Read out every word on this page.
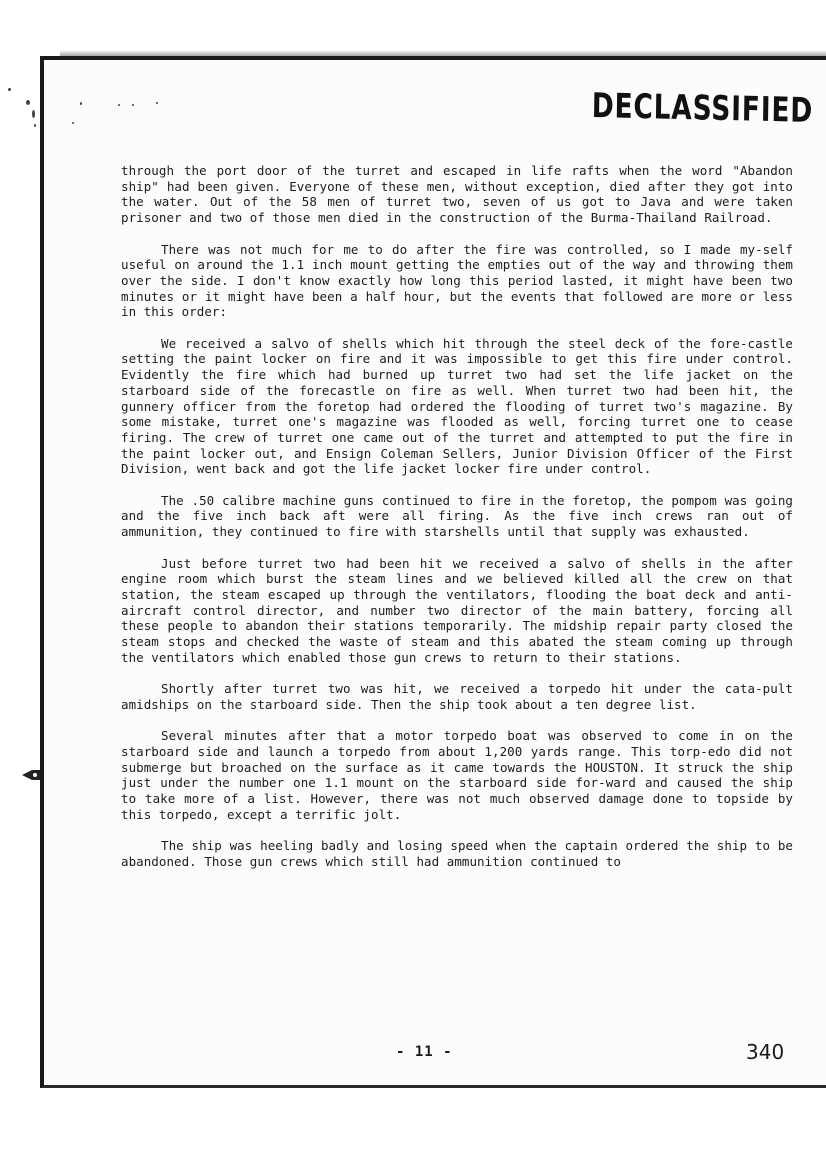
DECLASSIFIED

through the port door of the turret and escaped in life rafts when the word "Abandon ship" had been given. Everyone of these men, without exception, died after they got into the water. Out of the 58 men of turret two, seven of us got to Java and were taken prisoner and two of those men died in the construction of the Burma-Thailand Railroad.

There was not much for me to do after the fire was controlled, so I made my-self useful on around the 1.1 inch mount getting the empties out of the way and throwing them over the side. I don't know exactly how long this period lasted, it might have been two minutes or it might have been a half hour, but the events that followed are more or less in this order:

We received a salvo of shells which hit through the steel deck of the fore-castle setting the paint locker on fire and it was impossible to get this fire under control. Evidently the fire which had burned up turret two had set the life jacket on the starboard side of the forecastle on fire as well. When turret two had been hit, the gunnery officer from the foretop had ordered the flooding of turret two's magazine. By some mistake, turret one's magazine was flooded as well, forcing turret one to cease firing. The crew of turret one came out of the turret and attempted to put the fire in the paint locker out, and Ensign Coleman Sellers, Junior Division Officer of the First Division, went back and got the life jacket locker fire under control.

The .50 calibre machine guns continued to fire in the foretop, the pompom was going and the five inch back aft were all firing. As the five inch crews ran out of ammunition, they continued to fire with starshells until that supply was exhausted.

Just before turret two had been hit we received a salvo of shells in the after engine room which burst the steam lines and we believed killed all the crew on that station, the steam escaped up through the ventilators, flooding the boat deck and anti-aircraft control director, and number two director of the main battery, forcing all these people to abandon their stations temporarily. The midship repair party closed the steam stops and checked the waste of steam and this abated the steam coming up through the ventilators which enabled those gun crews to return to their stations.

Shortly after turret two was hit, we received a torpedo hit under the cata-pult amidships on the starboard side. Then the ship took about a ten degree list.

Several minutes after that a motor torpedo boat was observed to come in on the starboard side and launch a torpedo from about 1,200 yards range. This torp-edo did not submerge but broached on the surface as it came towards the HOUSTON. It struck the ship just under the number one 1.1 mount on the starboard side for-ward and caused the ship to take more of a list. However, there was not much observed damage done to topside by this torpedo, except a terrific jolt.

The ship was heeling badly and losing speed when the captain ordered the ship to be abandoned. Those gun crews which still had ammunition continued to

- 11 -	340
